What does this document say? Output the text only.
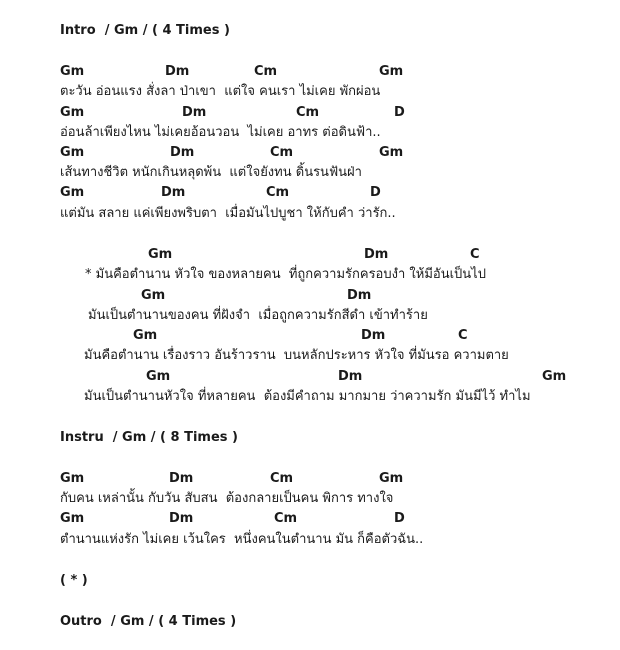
Intro  / Gm / ( 4 Times )

Gm

	Dm

	Cm

	Gm

ตะวัน อ่อนแรง สั่งลา ป่าเขา  แต่ใจ คนเรา ไม่เคย พักผ่อน

Gm

	Dm

	Cm

	D

อ่อนล้าเพียงไหน ไม่เคยอ้อนวอน  ไม่เคย อาทร ต่อดินฟ้า..

Gm

	Dm

	Cm

	Gm

เส้นทางชีวิต หนักเกินหลุดพ้น  แต่ใจยังทน ดิ้นรนฟันฝ่า

Gm

	Dm

	Cm

	D

แต่มัน สลาย แค่เพียงพริบตา  เมื่อมันไปบูชา ให้กับคำ ว่ารัก..

Gm

	Dm

	C

* มันคือตำนาน หัวใจ ของหลายคน  ที่ถูกความรักครอบงำ ให้มีอันเป็นไป

Gm

	Dm

มันเป็นตำนานของคน ที่ฝังจำ  เมื่อถูกความรักสีดำ เข้าทำร้าย

Gm

	Dm

	C

มันคือตำนาน เรื่องราว อันร้าวราน  บนหลักประหาร หัวใจ ที่มันรอ ความตาย

Gm

	Dm

	Gm

มันเป็นตำนานหัวใจ ที่หลายคน  ต้องมีคำถาม มากมาย ว่าความรัก มันมีไว้ ทำไม

Instru  / Gm / ( 8 Times )

Gm

	Dm

	Cm

	Gm

กับคน เหล่านั้น กับวัน สับสน  ต้องกลายเป็นคน พิการ ทางใจ

Gm

	Dm

	Cm

	D

ตำนานแห่งรัก ไม่เคย เว้นใคร  หนึ่งคนในตำนาน มัน ก็คือตัวฉัน..

( * )
Outro  / Gm / ( 4 Times )
